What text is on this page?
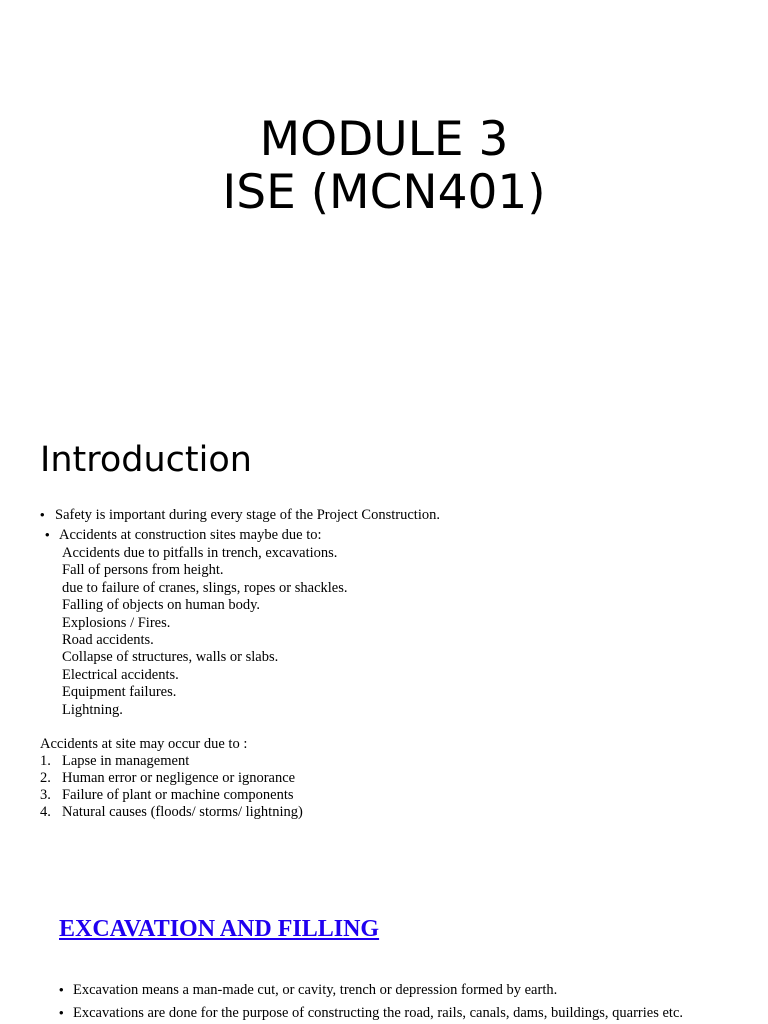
MODULE 3
ISE (MCN401)
Introduction
• Safety is important during every stage of the Project Construction.
• Accidents at construction sites maybe due to:
Accidents due to pitfalls in trench, excavations.
Fall of persons from height.
due to failure of cranes, slings, ropes or shackles.
Falling of objects on human body.
Explosions / Fires.
Road accidents.
Collapse of structures, walls or slabs.
Electrical accidents.
Equipment failures.
Lightning.
Accidents at site may occur due to :
1. Lapse in management
2. Human error or negligence or ignorance
3. Failure of plant or machine components
4. Natural causes (floods/ storms/ lightning)
EXCAVATION AND FILLING
• Excavation means a man-made cut, or cavity, trench or depression formed by earth.
• Excavations are done for the purpose of constructing the road, rails, canals, dams, buildings, quarries etc.
